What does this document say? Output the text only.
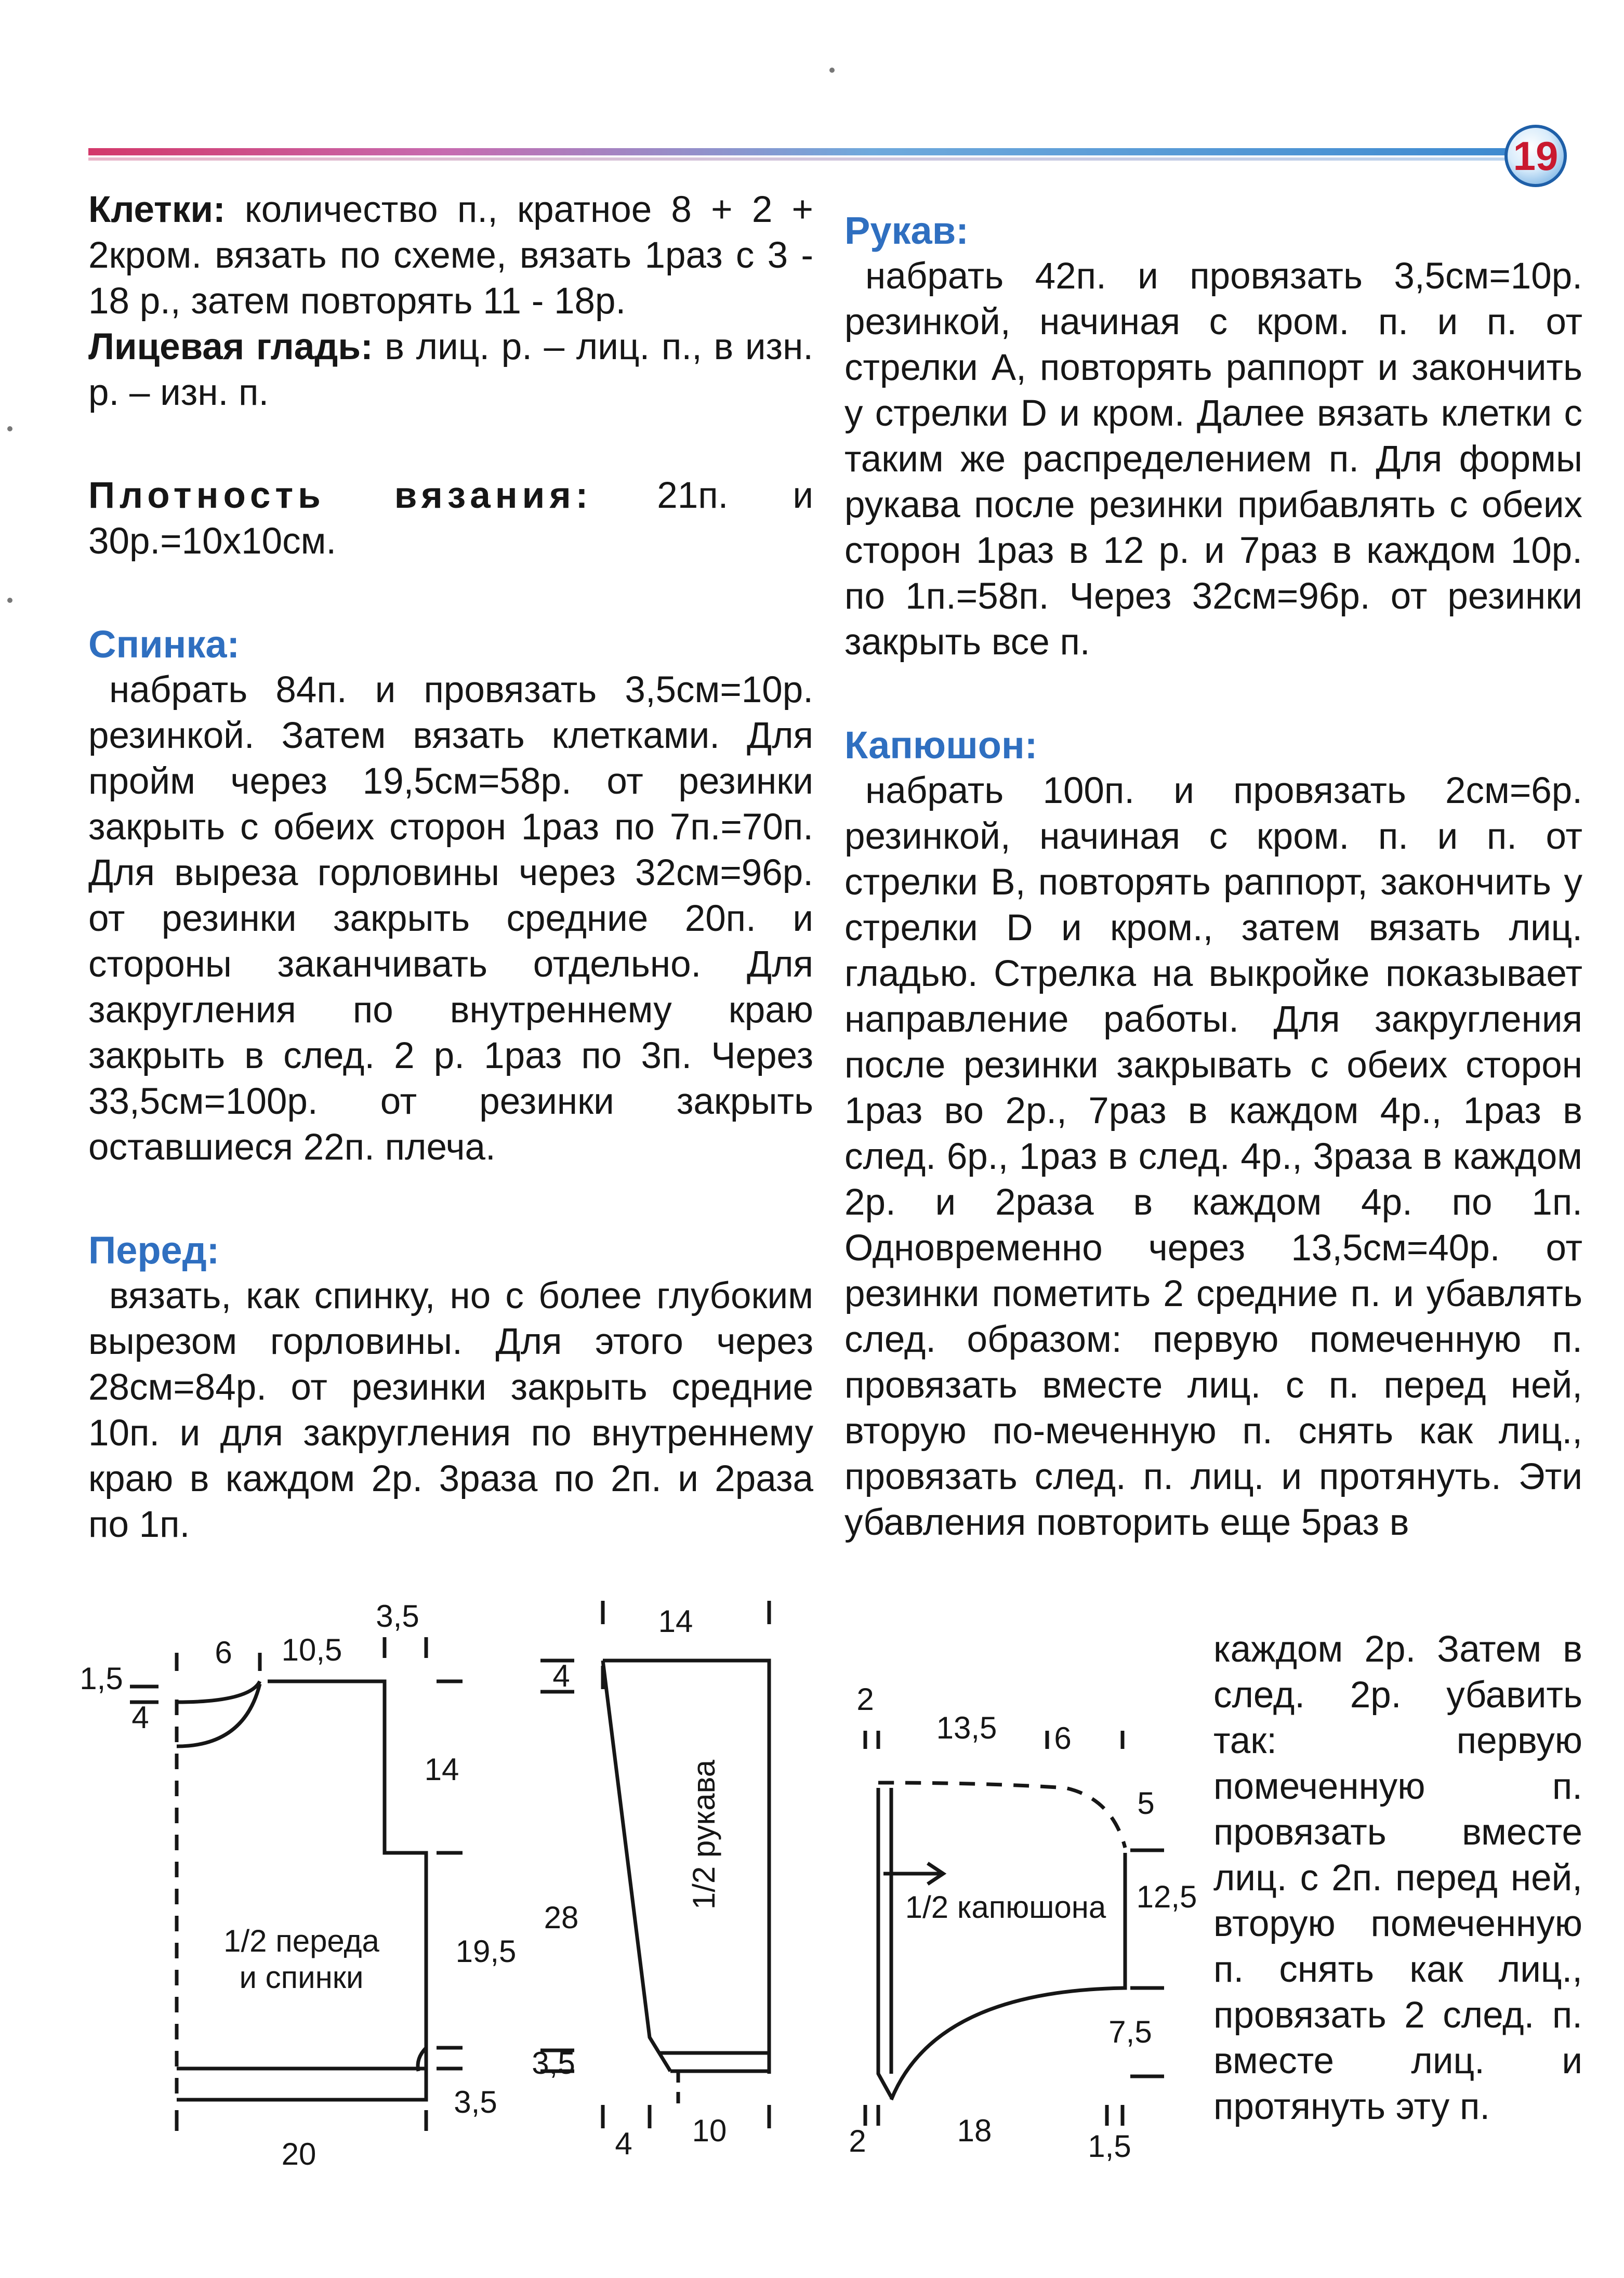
19

Клетки: количество п., кратное 8 + 2 + 2кром. вязать по схеме, вязать 1раз с 3 - 18 р., затем повторять 11 - 18р.

Лицевая гладь: в лиц. р. – лиц. п., в изн. р. – изн. п.

Плотность вязания: 21п. и 30р.=10х10см.

Спинка:

набрать 84п. и провязать 3,5см=10р. резинкой. Затем вязать клетками. Для пройм через 19,5см=58р. от резинки закрыть с обеих сторон 1раз по 7п.=70п. Для выреза горловины через 32см=96р. от резинки закрыть средние 20п. и стороны заканчивать отдельно. Для закругления по внутреннему краю закрыть в след. 2 р. 1раз по 3п. Через 33,5см=100р. от резинки закрыть оставшиеся 22п. плеча.

Перед:

вязать, как спинку, но с более глубоким вырезом горловины. Для этого через 28см=84р. от резинки закрыть средние 10п. и для закругления по внутреннему краю в каждом 2р. 3раза по 2п. и 2раза по 1п.

Рукав:

набрать 42п. и провязать 3,5см=10р. резинкой, начиная с кром. п. и п. от стрелки А, повторять раппорт и закончить у стрелки D и кром. Далее вязать клетки с таким же распределением п. Для формы рукава после резинки прибавлять с обеих сторон 1раз в 12 р. и 7раз в каждом 10р. по 1п.=58п. Через 32см=96р. от резинки закрыть все п.

Капюшон:

набрать 100п. и провязать 2см=6р. резинкой, начиная с кром. п. и п. от стрелки В, повторять раппорт, закончить у стрелки D и кром., затем вязать лиц. гладью. Стрелка на выкройке показывает направление работы. Для закругления после резинки закрывать с обеих сторон 1раз во 2р., 7раз в каждом 4р., 1раз в след. 6р., 1раз в след. 4р., 3раза в каждом 2р. и 2раза в каждом 4р. по 1п. Одновременно через 13,5см=40р. от резинки пометить 2 средние п. и убавлять след. образом: первую помеченную п. провязать вместе лиц. с п. перед ней, вторую по-меченную п. снять как лиц., провязать след. п. лиц. и протянуть. Эти убавления повторить еще 5раз в

каждом 2р. Затем в след. 2р. убавить так: первую помеченную п. провязать вместе лиц. с 2п. перед ней, вторую помеченную п. снять как лиц., провязать 2 след. п. вместе лиц. и протянуть эту п.

1/2 переда
и спинки
6 10,5
3,5
1,5
4
14
19,5
3,5
20
1/2 рукава
14
4
28
3,5
4 10
1/2 капюшона
2
13,5 6
5
12,5
7,5
2	18	1,5
